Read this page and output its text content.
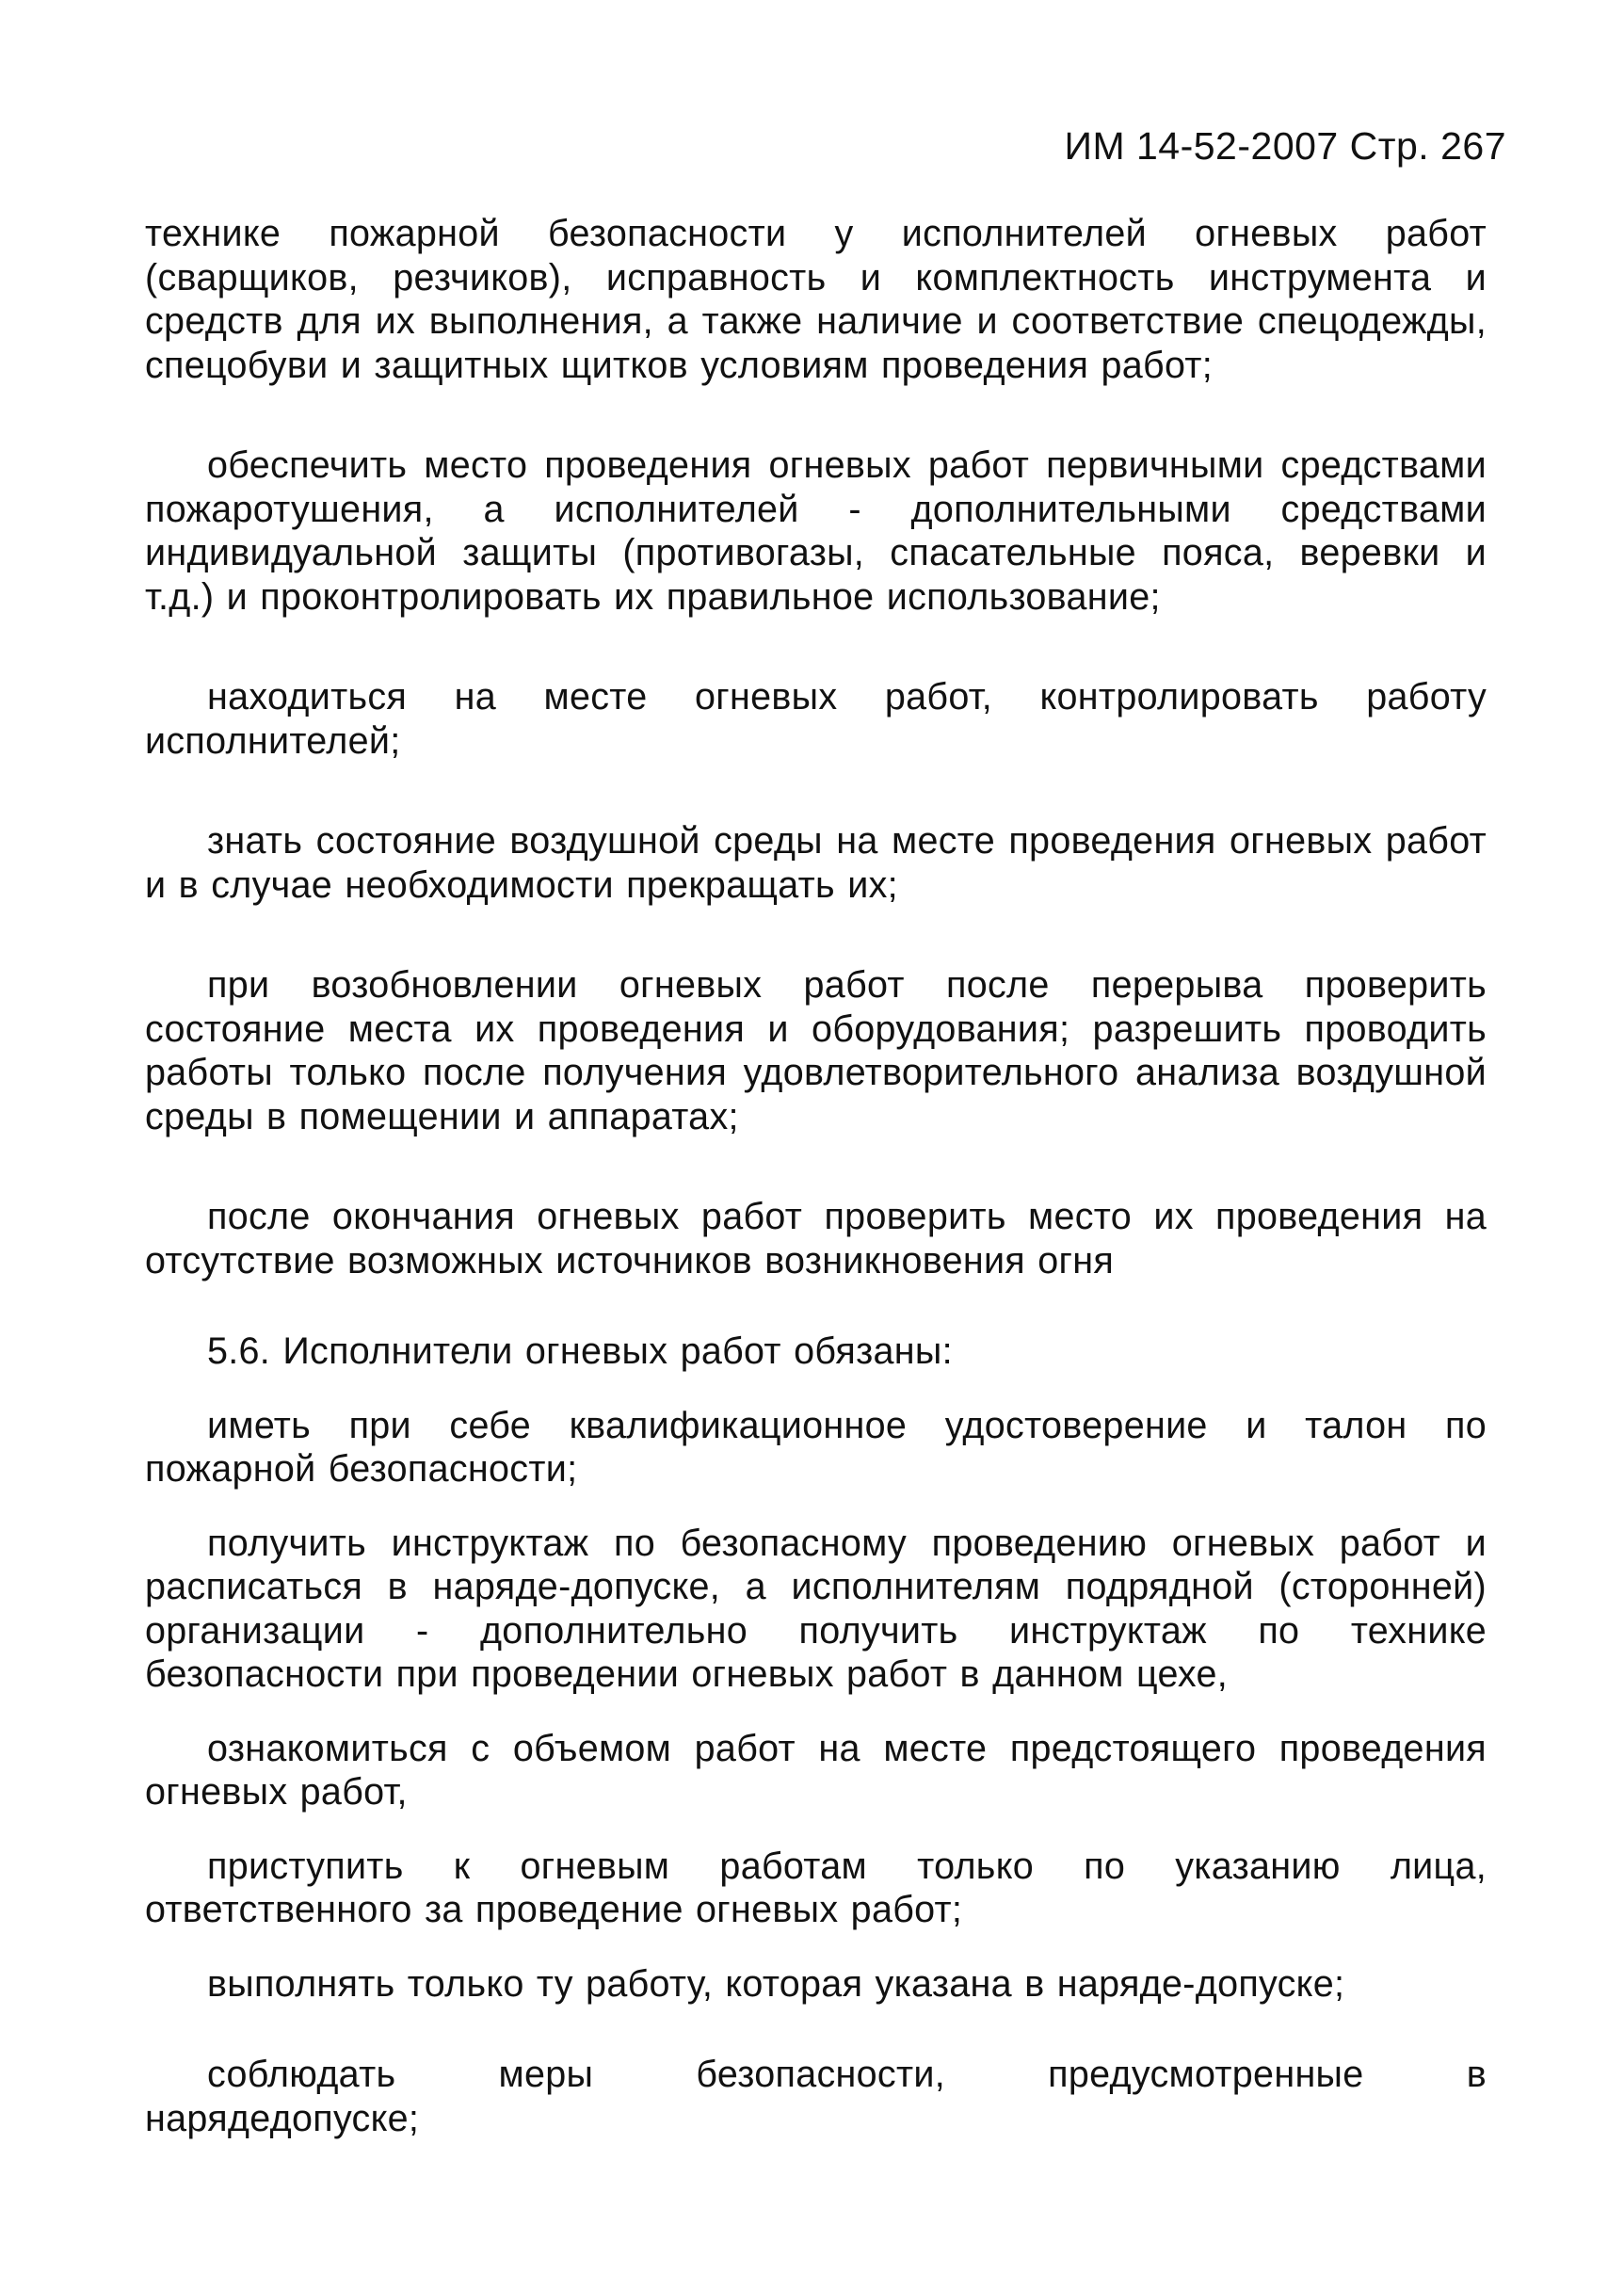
ИМ 14-52-2007 Стр. 267

технике пожарной безопасности у исполнителей огневых работ (сварщиков, резчиков), исправность и комплектность инструмента и средств для их выполнения, а также наличие и соответствие спецодежды, спецобуви и защитных щитков условиям проведения работ;

обеспечить место проведения огневых работ первичными средствами пожаротушения, а исполнителей - дополнительными средствами индивидуальной защиты (противогазы, спасательные пояса, веревки и т.д.) и проконтролировать их правильное использование;

находиться на месте огневых работ, контролировать работу исполнителей;

знать состояние воздушной среды на месте проведения огневых работ и в случае необходимости прекращать их;

при возобновлении огневых работ после перерыва проверить состояние места их проведения и оборудования; разрешить проводить работы только после получения удовлетворительного анализа воздушной среды в помещении и аппаратах;

после окончания огневых работ проверить место их проведения на отсутствие возможных источников возникновения огня

5.6. Исполнители огневых работ обязаны:

иметь при себе квалификационное удостоверение и талон по пожарной безопасности;

получить инструктаж по безопасному проведению огневых работ и расписаться в наряде-допуске, а исполнителям подрядной (сторонней) организации - дополнительно получить инструктаж по технике безопасности при проведении огневых работ в данном цехе,

ознакомиться с объемом работ на месте предстоящего проведения огневых работ,

приступить к огневым работам только по указанию лица, ответственного за проведение огневых работ;

выполнять только ту работу, которая указана в наряде-допуске;

соблюдать меры безопасности, предусмотренные в нарядедопуске;
